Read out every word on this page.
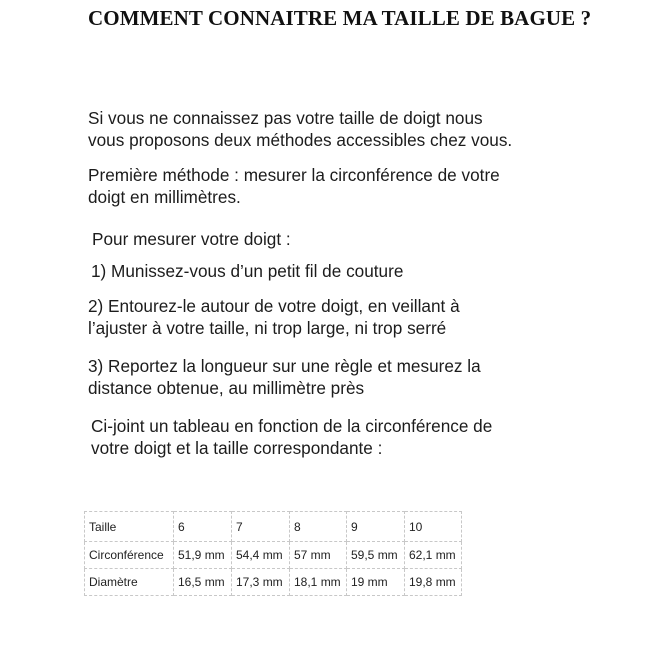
COMMENT CONNAITRE MA TAILLE DE BAGUE ?

Si vous ne connaissez pas votre taille de doigt nous
vous proposons deux méthodes accessibles chez vous.

Première méthode : mesurer la circonférence de votre
doigt en millimètres.

Pour mesurer votre doigt :

1) Munissez-vous d’un petit fil de couture

2) Entourez-le autour de votre doigt, en veillant à
l’ajuster à votre taille, ni trop large, ni trop serré

3) Reportez la longueur sur une règle et mesurez la
distance obtenue, au millimètre près

Ci-joint un tableau en fonction de la circonférence de
votre doigt et la taille correspondante :

Taille	6	7	8	9	10
Circonférence	51,9 mm	54,4 mm	57 mm	59,5 mm	62,1 mm
Diamètre	16,5 mm	17,3 mm	18,1 mm	19 mm	19,8 mm
